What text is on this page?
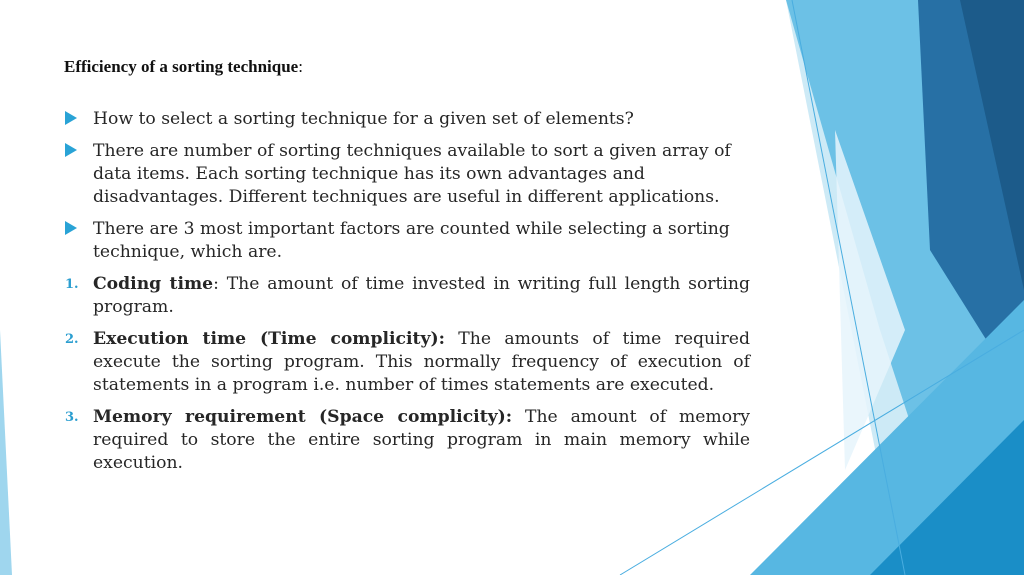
Efficiency of a sorting technique:
How to select a sorting technique for a given set of elements?
There are number of sorting techniques available to sort a given array of data items. Each sorting technique has its own advantages and disadvantages. Different techniques are useful in different applications.
There are 3 most important factors are counted while selecting a sorting technique, which are.
1. Coding time: The amount of time invested in writing full length sorting program.
2. Execution time (Time complicity): The amounts of time required execute the sorting program. This normally frequency of execution of statements in a program i.e. number of times statements are executed.
3. Memory requirement (Space complicity): The amount of memory required to store the entire sorting program in main memory while execution.
